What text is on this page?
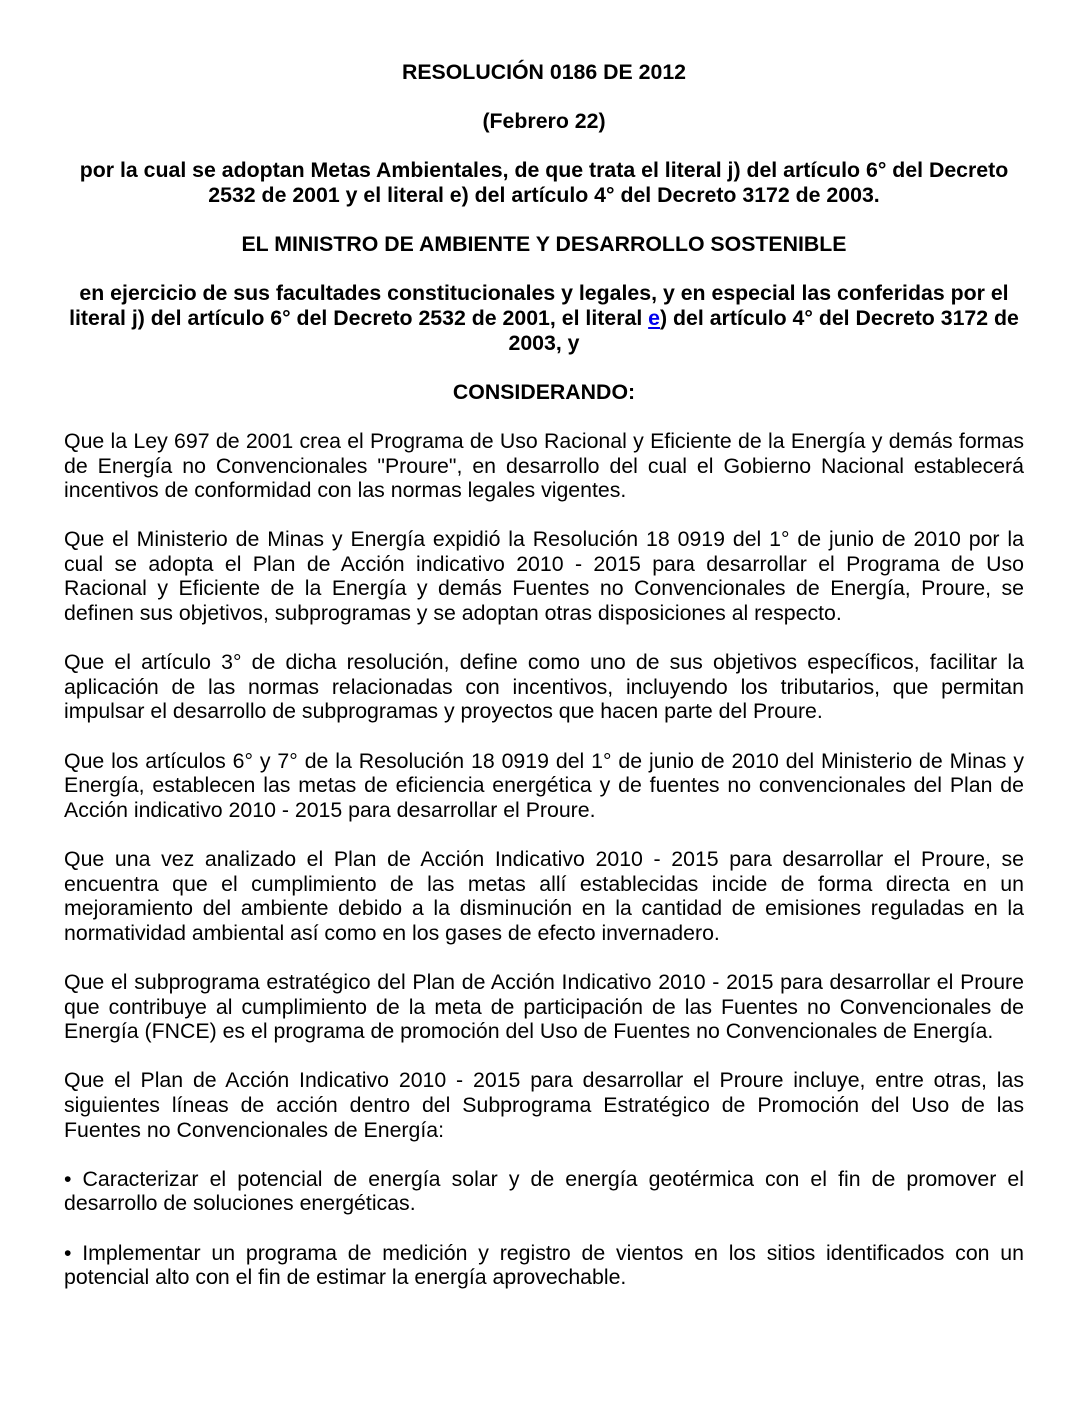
RESOLUCIÓN 0186 DE 2012

(Febrero 22)

por la cual se adoptan Metas Ambientales, de que trata el literal j) del artículo 6° del Decreto 2532 de 2001 y el literal e) del artículo 4° del Decreto 3172 de 2003.

EL MINISTRO DE AMBIENTE Y DESARROLLO SOSTENIBLE

en ejercicio de sus facultades constitucionales y legales, y en especial las conferidas por el literal j) del artículo 6° del Decreto 2532 de 2001, el literal e) del artículo 4° del Decreto 3172 de 2003, y

CONSIDERANDO:

Que la Ley 697 de 2001 crea el Programa de Uso Racional y Eficiente de la Energía y demás formas de Energía no Convencionales "Proure", en desarrollo del cual el Gobierno Nacional establecerá incentivos de conformidad con las normas legales vigentes.

Que el Ministerio de Minas y Energía expidió la Resolución 18 0919 del 1° de junio de 2010 por la cual se adopta el Plan de Acción indicativo 2010 - 2015 para desarrollar el Programa de Uso Racional y Eficiente de la Energía y demás Fuentes no Convencionales de Energía, Proure, se definen sus objetivos, subprogramas y se adoptan otras disposiciones al respecto.

Que el artículo 3° de dicha resolución, define como uno de sus objetivos específicos, facilitar la aplicación de las normas relacionadas con incentivos, incluyendo los tributarios, que permitan impulsar el desarrollo de subprogramas y proyectos que hacen parte del Proure.

Que los artículos 6° y 7° de la Resolución 18 0919 del 1° de junio de 2010 del Ministerio de Minas y Energía, establecen las metas de eficiencia energética y de fuentes no convencionales del Plan de Acción indicativo 2010 - 2015 para desarrollar el Proure.

Que una vez analizado el Plan de Acción Indicativo 2010 - 2015 para desarrollar el Proure, se encuentra que el cumplimiento de las metas allí establecidas incide de forma directa en un mejoramiento del ambiente debido a la disminución en la cantidad de emisiones reguladas en la normatividad ambiental así como en los gases de efecto invernadero.

Que el subprograma estratégico del Plan de Acción Indicativo 2010 - 2015 para desarrollar el Proure que contribuye al cumplimiento de la meta de participación de las Fuentes no Convencionales de Energía (FNCE) es el programa de promoción del Uso de Fuentes no Convencionales de Energía.

Que el Plan de Acción Indicativo 2010 - 2015 para desarrollar el Proure incluye, entre otras, las siguientes líneas de acción dentro del Subprograma Estratégico de Promoción del Uso de las Fuentes no Convencionales de Energía:

• Caracterizar el potencial de energía solar y de energía geotérmica con el fin de promover el desarrollo de soluciones energéticas.

• Implementar un programa de medición y registro de vientos en los sitios identificados con un potencial alto con el fin de estimar la energía aprovechable.
